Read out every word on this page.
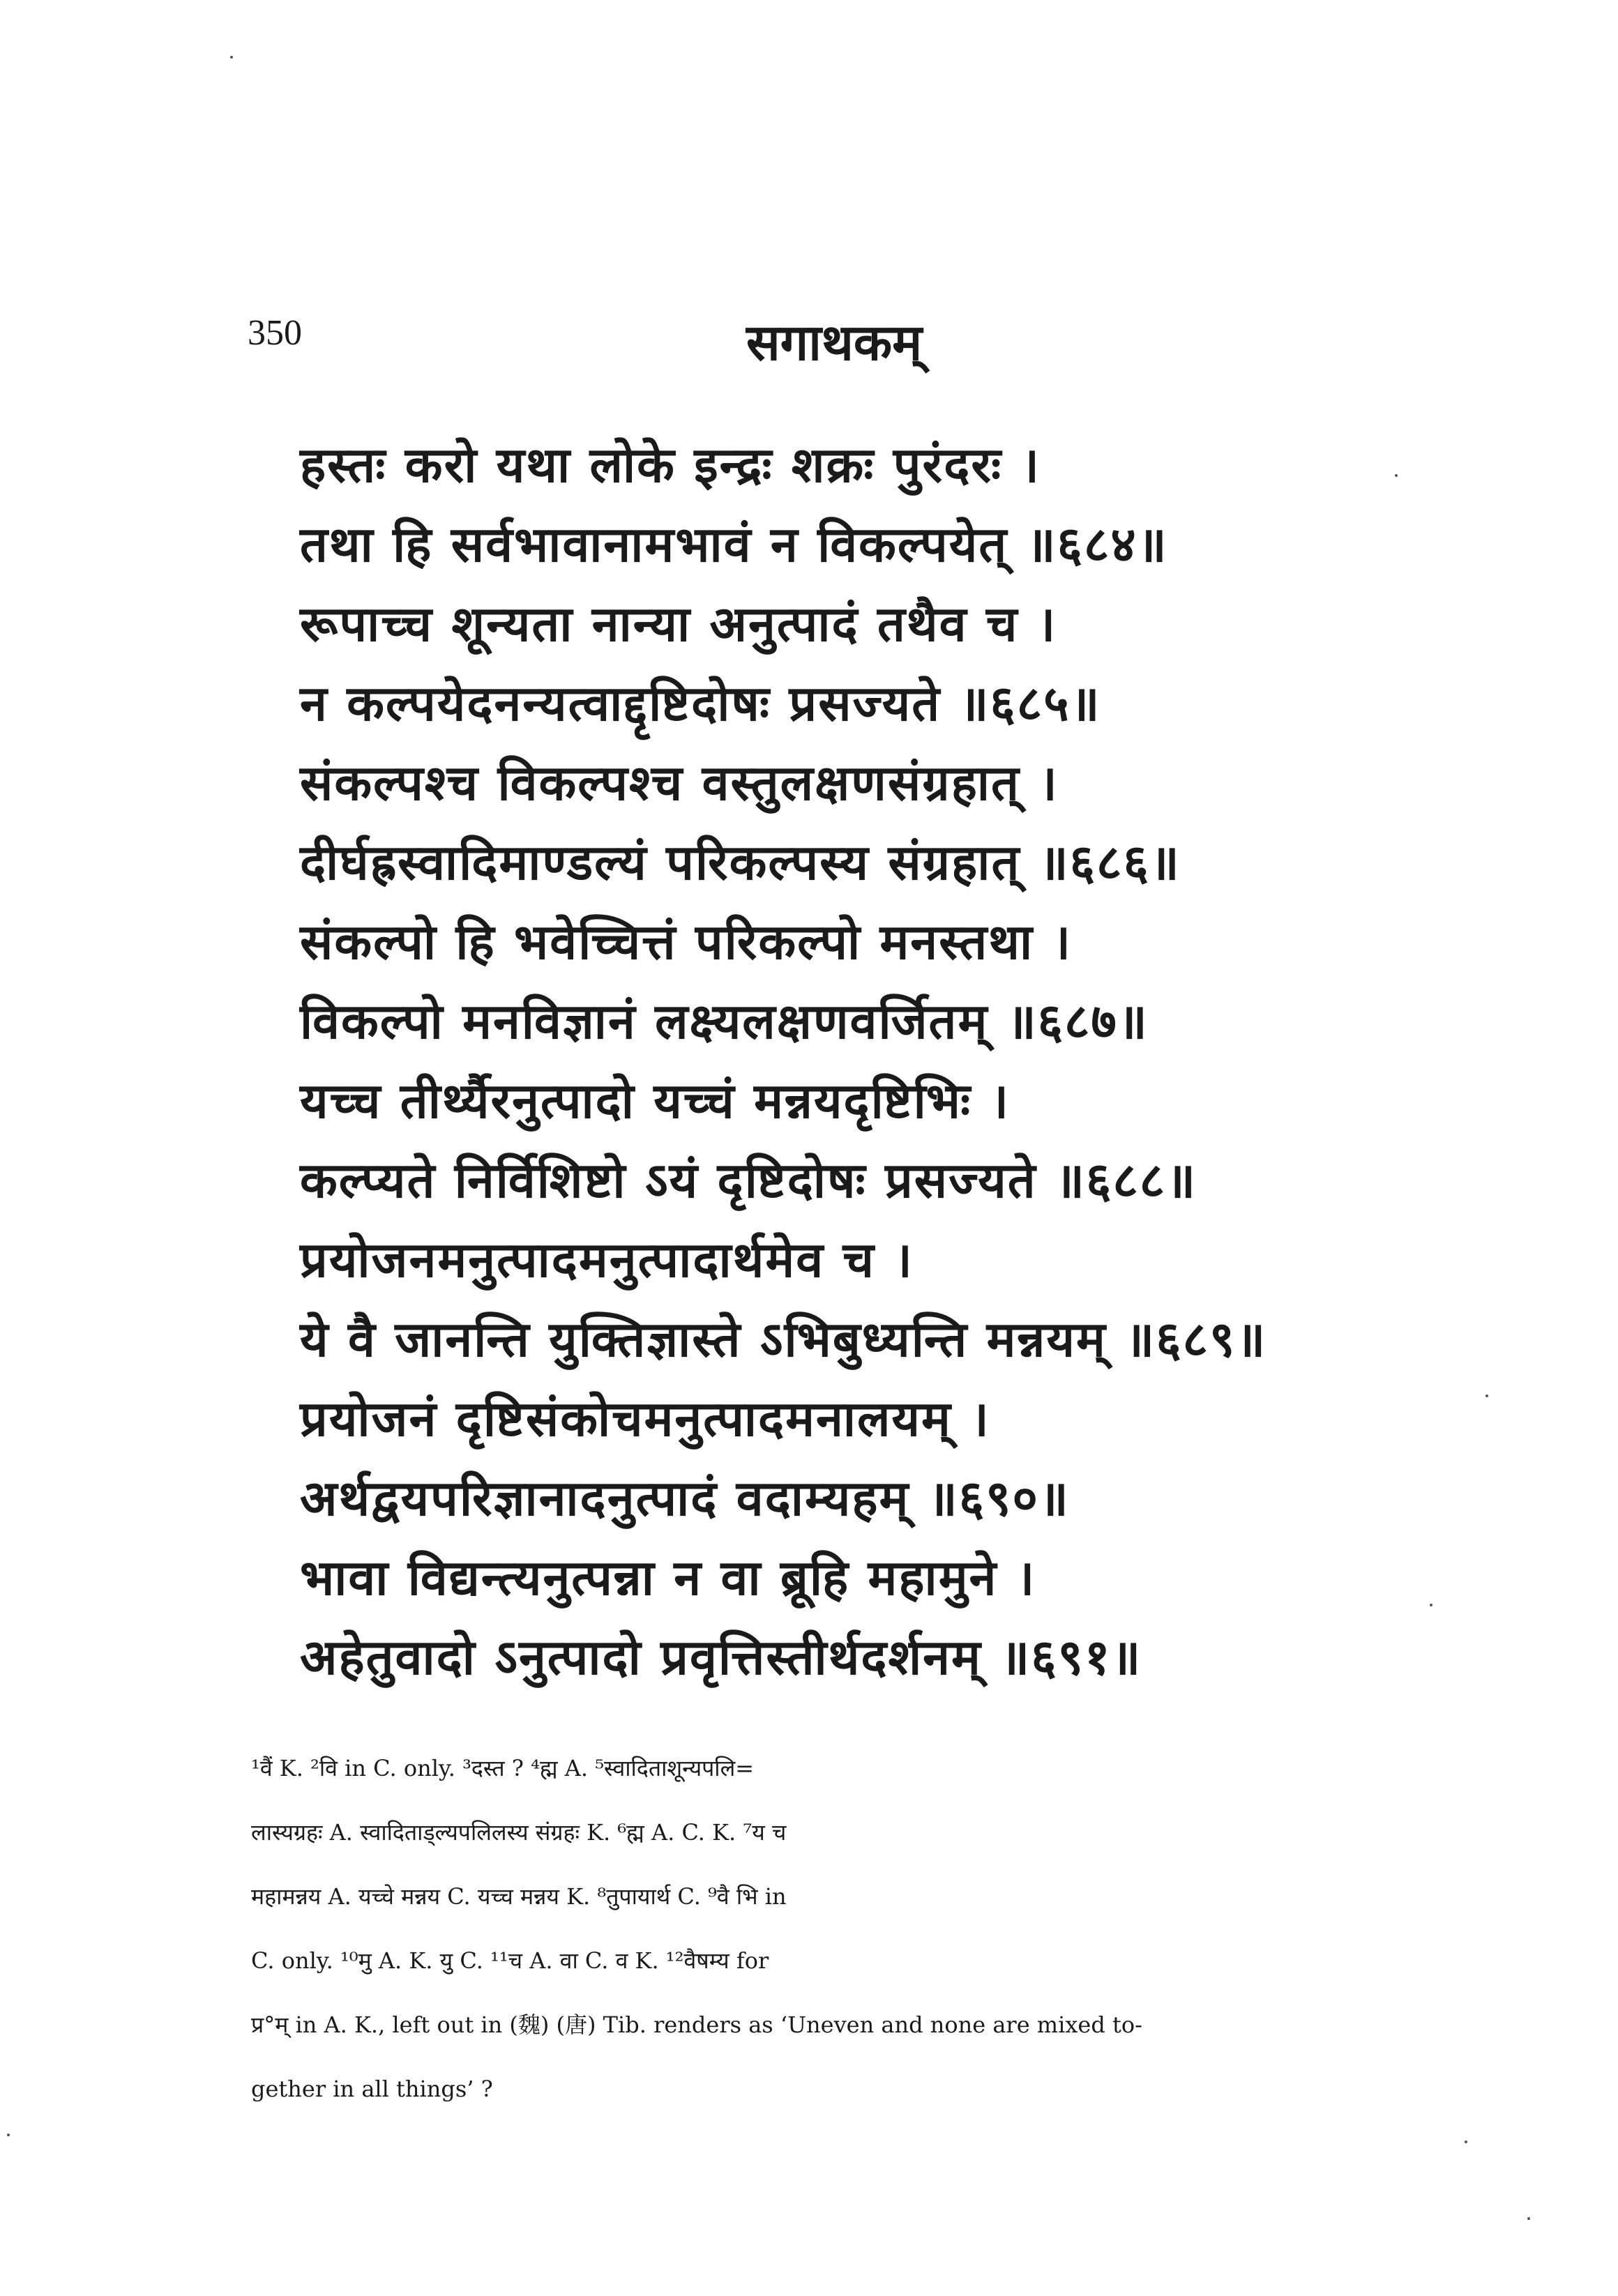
350	सगाथकम्
हस्तः करो यथा लोके इन्द्रः शक्रः पुरंदरः ।
तथा हि सर्वभावानामभावं न विकल्पयेत् ॥६८४॥
रूपाच्च शून्यता नान्या अनुत्पादं तथैव च ।
न कल्पयेदनन्यत्वाद्दृष्टिदोषः प्रसज्यते ॥६८५॥
संकल्पश्च विकल्पश्च वस्तुलक्षणसंग्रहात् ।
दीर्घह्रस्वादिमाण्डल्यं परिकल्पस्य संग्रहात् ॥६८६॥
संकल्पो हि भवेच्चित्तं परिकल्पो मनस्तथा ।
विकल्पो मनविज्ञानं लक्ष्यलक्षणवर्जितम् ॥६८७॥
यच्च तीर्थ्यैरनुत्पादो यच्चं मन्नयदृष्टिभिः ।
कल्प्यते निर्विशिष्टो ऽयं दृष्टिदोषः प्रसज्यते ॥६८८॥
प्रयोजनमनुत्पादमनुत्पादार्थमेव च ।
ये वै जानन्ति युक्तिज्ञास्ते ऽभिबुध्यन्ति मन्नयम् ॥६८९॥
प्रयोजनं दृष्टिसंकोचमनुत्पादमनालयम् ।
अर्थद्वयपरिज्ञानादनुत्पादं वदाम्यहम् ॥६९०॥
भावा विद्यन्त्यनुत्पन्ना न वा ब्रूहि महामुने ।
अहेतुवादो ऽनुत्पादो प्रवृत्तिस्तीर्थदर्शनम् ॥६९१॥
¹वैं K. ²वि in C. only. ³दस्त ? ⁴ह्म A. ⁵स्वादिताशून्यपलि=
लास्यग्रहः A. स्वादिताड्ल्यपलिलस्य संग्रहः K. ⁶ह्म A. C. K. ⁷य च
महामन्नय A. यच्चे मन्नय C. यच्च मन्नय K. ⁸तुपायार्थ C. ⁹वै भि in
C. only. ¹⁰मु A. K. यु C. ¹¹च A. वा C. व K. ¹²वैषम्य for
प्र°म् in A. K., left out in (魏) (唐) Tib. renders as ‘Uneven and none are mixed to-
gether in all things’ ?
